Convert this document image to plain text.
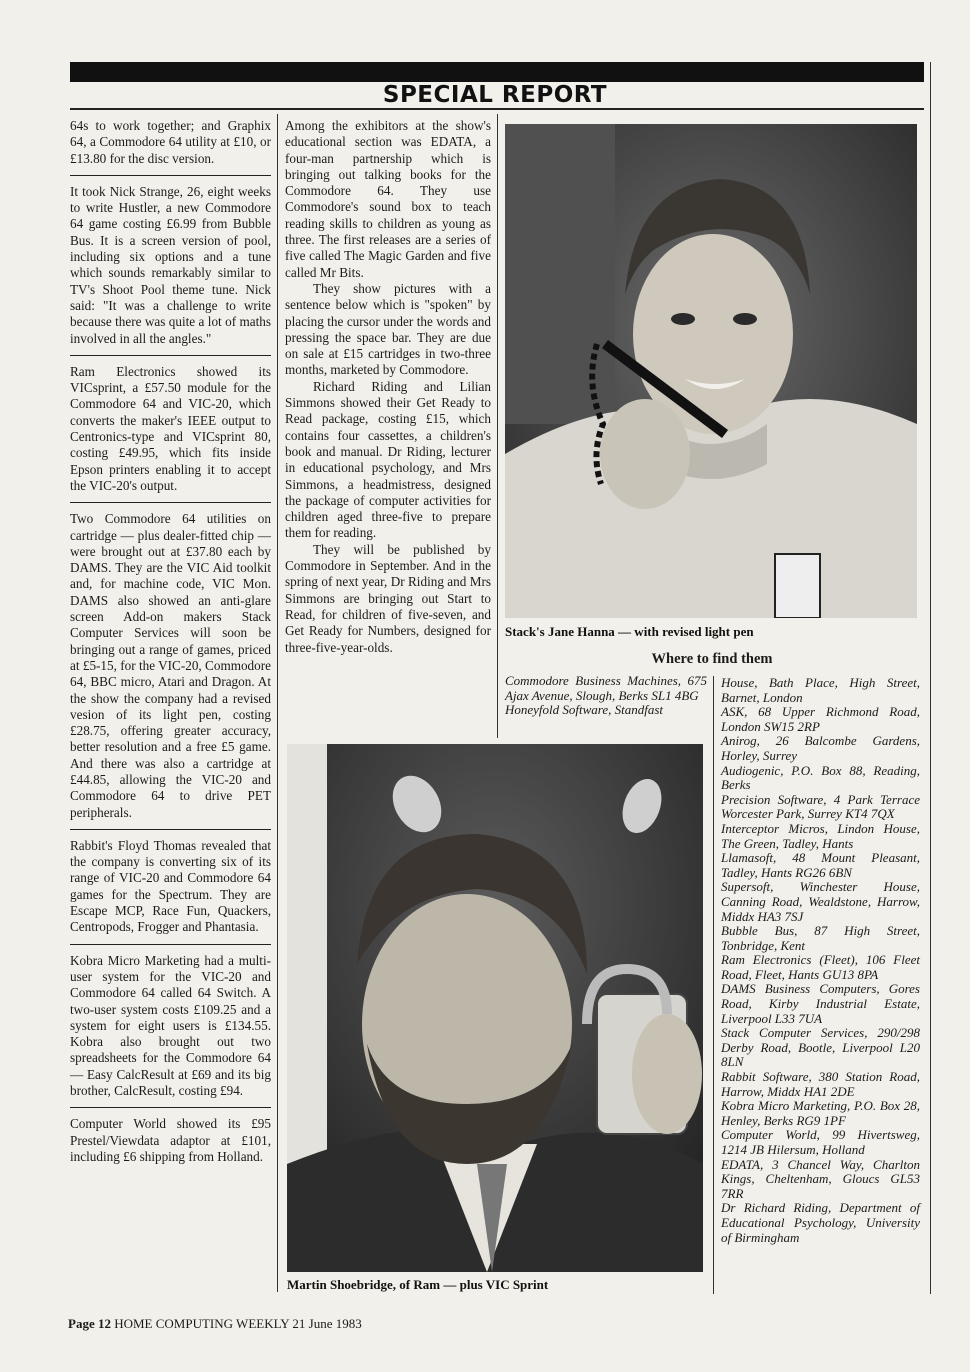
SPECIAL REPORT

64s to work together; and Graphix 64, a Commodore 64 utility at £10, or £13.80 for the disc version.

It took Nick Strange, 26, eight weeks to write Hustler, a new Commodore 64 game costing £6.99 from Bubble Bus. It is a screen version of pool, including six options and a tune which sounds remarkably similar to TV's Shoot Pool theme tune. Nick said: "It was a challenge to write because there was quite a lot of maths involved in all the angles."

Ram Electronics showed its VICsprint, a £57.50 module for the Commodore 64 and VIC-20, which converts the maker's IEEE output to Centronics-type and VICsprint 80, costing £49.95, which fits inside Epson printers enabling it to accept the VIC-20's output.

Two Commodore 64 utilities on cartridge — plus dealer-fitted chip — were brought out at £37.80 each by DAMS. They are the VIC Aid toolkit and, for machine code, VIC Mon. DAMS also showed an anti-glare screen Add-on makers Stack Computer Services will soon be bringing out a range of games, priced at £5-15, for the VIC-20, Commodore 64, BBC micro, Atari and Dragon. At the show the company had a revised vesion of its light pen, costing £28.75, offering greater accuracy, better resolution and a free £5 game. And there was also a cartridge at £44.85, allowing the VIC-20 and Commodore 64 to drive PET peripherals.

Rabbit's Floyd Thomas revealed that the company is converting six of its range of VIC-20 and Commodore 64 games for the Spectrum. They are Escape MCP, Race Fun, Quackers, Centropods, Frogger and Phantasia.

Kobra Micro Marketing had a multi-user system for the VIC-20 and Commodore 64 called 64 Switch. A two-user system costs £109.25 and a system for eight users is £134.55. Kobra also brought out two spreadsheets for the Commodore 64 — Easy CalcResult at £69 and its big brother, CalcResult, costing £94.

Computer World showed its £95 Prestel/Viewdata adaptor at £101, including £6 shipping from Holland.

Among the exhibitors at the show's educational section was EDATA, a four-man partnership which is bringing out talking books for the Commodore 64. They use Commodore's sound box to teach reading skills to children as young as three. The first releases are a series of five called The Magic Garden and five called Mr Bits.

They show pictures with a sentence below which is "spoken" by placing the cursor under the words and pressing the space bar. They are due on sale at £15 cartridges in two-three months, marketed by Commodore.

Richard Riding and Lilian Simmons showed their Get Ready to Read package, costing £15, which contains four cassettes, a children's book and manual. Dr Riding, lecturer in educational psychology, and Mrs Simmons, a headmistress, designed the package of computer activities for children aged three-five to prepare them for reading.

They will be published by Commodore in September. And in the spring of next year, Dr Riding and Mrs Simmons are bringing out Start to Read, for children of five-seven, and Get Ready for Numbers, designed for three-five-year-olds.

Stack's Jane Hanna — with revised light pen
Where to find them
Commodore Business Machines, 675 Ajax Avenue, Slough, Berks SL1 4BG
Honeyfold Software, Standfast
House, Bath Place, High Street, Barnet, London
ASK, 68 Upper Richmond Road, London SW15 2RP
Anirog, 26 Balcombe Gardens, Horley, Surrey
Audiogenic, P.O. Box 88, Reading, Berks
Precision Software, 4 Park Terrace Worcester Park, Surrey KT4 7QX
Interceptor Micros, Lindon House, The Green, Tadley, Hants
Llamasoft, 48 Mount Pleasant, Tadley, Hants RG26 6BN
Supersoft, Winchester House, Canning Road, Wealdstone, Harrow, Middx HA3 7SJ
Bubble Bus, 87 High Street, Tonbridge, Kent
Ram Electronics (Fleet), 106 Fleet Road, Fleet, Hants GU13 8PA
DAMS Business Computers, Gores Road, Kirby Industrial Estate, Liverpool L33 7UA
Stack Computer Services, 290/298 Derby Road, Bootle, Liverpool L20 8LN
Rabbit Software, 380 Station Road, Harrow, Middx HA1 2DE
Kobra Micro Marketing, P.O. Box 28, Henley, Berks RG9 1PF
Computer World, 99 Hivertsweg, 1214 JB Hilersum, Holland
EDATA, 3 Chancel Way, Charlton Kings, Cheltenham, Gloucs GL53 7RR
Dr Richard Riding, Department of Educational Psychology, University of Birmingham
Martin Shoebridge, of Ram — plus VIC Sprint
Page 12 HOME COMPUTING WEEKLY 21 June 1983
